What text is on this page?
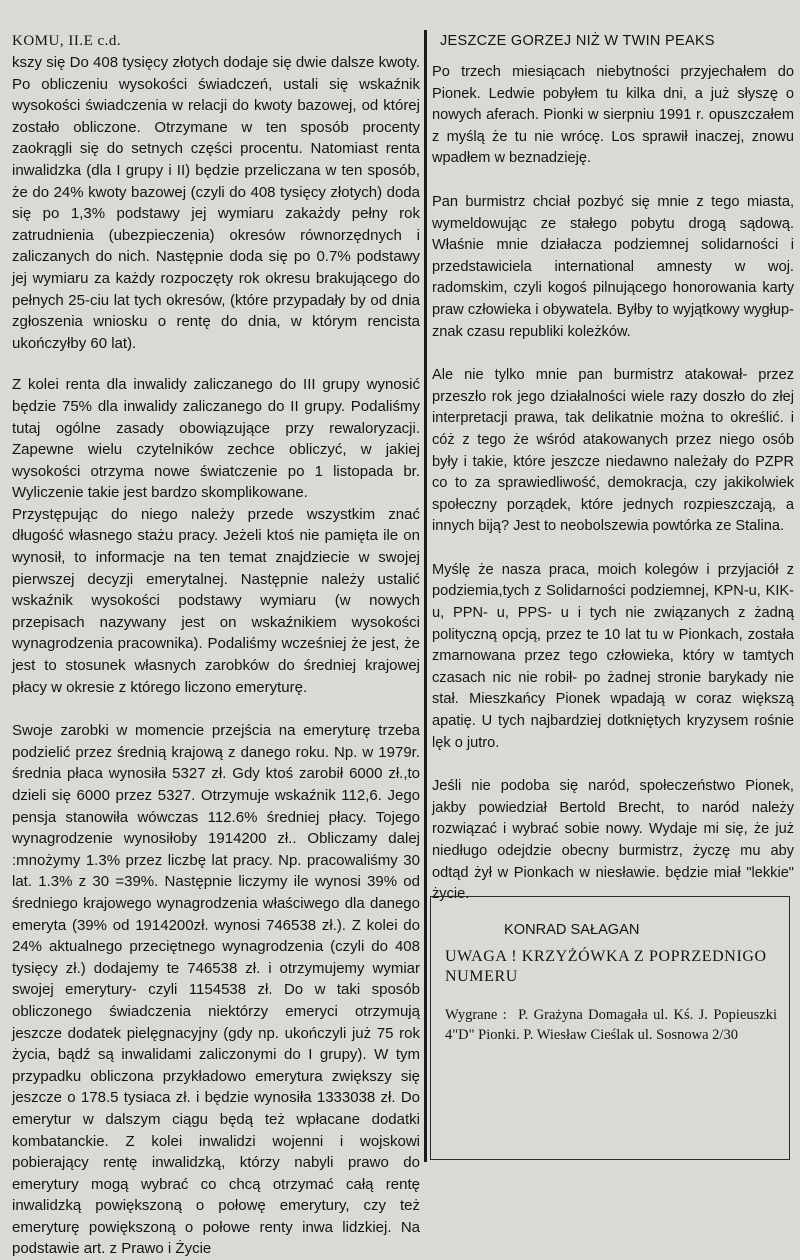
KOMU, II.E c.d.

kszy się Do 408 tysięcy złotych dodaje się dwie dalsze kwoty. Po obliczeniu wysokości świadczeń, ustali się wskaźnik wysokości świadczenia w relacji do kwoty bazowej, od której zostało obliczone. Otrzymane w ten sposób procenty zaokrągli się do setnych części procentu. Natomiast renta inwalidzka (dla I grupy i II) będzie przeliczana w ten sposób, że do 24% kwoty bazowej (czyli do 408 tysięcy złotych) doda się po 1,3% podstawy jej wymiaru zakażdy pełny rok zatrudnienia (ubezpieczenia) okresów równorzędnych i zaliczanych do nich. Następnie doda się po 0.7% podstawy jej wymiaru za każdy rozpoczęty rok okresu brakującego do pełnych 25-ciu lat tych okresów, (które przypadały by od dnia zgłoszenia wniosku o rentę do dnia, w którym rencista ukończyłby 60 lat).

Z kolei renta dla inwalidy zaliczanego do III grupy wynosić będzie 75% dla inwalidy zaliczanego do II grupy. Podaliśmy tutaj ogólne zasady obowiązujące przy rewaloryzacji. Zapewne wielu czytelników zechce obliczyć, w jakiej wysokości otrzyma nowe światczenie po 1 listopada br. Wyliczenie takie jest bardzo skomplikowane.

Przystępując do niego należy przede wszystkim znać długość własnego stażu pracy. Jeżeli ktoś nie pamięta ile on wynosił, to informacje na ten temat znajdziecie w swojej pierwszej decyzji emerytalnej. Następnie należy ustalić wskaźnik wysokości podstawy wymiaru (w nowych przepisach nazywany jest on wskaźnikiem wysokości wynagrodzenia pracownika). Podaliśmy wcześniej że jest, że jest to stosunek własnych zarobków do średniej krajowej płacy w okresie z którego liczono emeryturę.

Swoje zarobki w momencie przejścia na emeryturę trzeba podzielić przez średnią krajową z danego roku. Np. w 1979r. średnia płaca wynosiła 5327 zł. Gdy ktoś zarobił 6000 zł.,to dzieli się 6000 przez 5327. Otrzymuje wskaźnik 112,6. Jego pensja stanowiła wówczas 112.6% średniej płacy. Tojego wynagrodzenie wynosiłoby 1914200 zł.. Obliczamy dalej :mnożymy 1.3% przez liczbę lat pracy. Np. pracowaliśmy 30 lat. 1.3% z 30 =39%. Następnie liczymy ile wynosi 39% od średniego krajowego wynagrodzenia właściwego dla danego emeryta (39% od 1914200zł. wynosi 746538 zł.). Z kolei do 24% aktualnego przeciętnego wynagrodzenia (czyli do 408 tysięcy zł.) dodajemy te 746538 zł. i otrzymujemy wymiar swojej emerytury- czyli 1154538 zł. Do w taki sposób obliczonego świadczenia niektórzy emeryci otrzymują jeszcze dodatek pielęgnacyjny (gdy np. ukończyli już 75 rok życia, bądź są inwalidami zaliczonymi do I grupy). W tym przypadku obliczona przykładowo emerytura zwiększy się jeszcze o 178.5 tysiaca zł. i będzie wynosiła 1333038 zł. Do emerytur w dalszym ciągu będą też wpłacane dodatki kombatanckie. Z kolei inwalidzi wojenni i wojskowi pobierający rentę inwalidzką, którzy nabyli prawo do emerytury mogą wybrać co chcą otrzymać całą rentę inwalidzką powiększoną o połowę emerytury, czy też emeryturę powiększoną o połowe renty inwa lidzkiej. Na podstawie art. z Prawo i Życie

JESZCZE GORZEJ NIŻ W TWIN PEAKS

Po trzech miesiącach niebytności przyjechałem do Pionek. Ledwie pobyłem tu kilka dni, a już słyszę o nowych aferach. Pionki w sierpniu 1991 r. opuszczałem z myślą że tu nie wrócę. Los sprawił inaczej, znowu wpadłem w beznadzieję.

Pan burmistrz chciał pozbyć się mnie z tego miasta, wymeldowując ze stałego pobytu drogą sądową. Właśnie mnie działacza podziemnej solidarności i przedstawiciela international amnesty w woj. radomskim, czyli kogoś pilnującego honorowania karty praw człowieka i obywatela. Byłby to wyjątkowy wygłup- znak czasu republiki koleżków.

Ale nie tylko mnie pan burmistrz atakował- przez przeszło rok jego działalności wiele razy doszło do złej interpretacji prawa, tak delikatnie można to określić. i cóż z tego że wśród atakowanych przez niego osób były i takie, które jeszcze niedawno należały do PZPR co to za sprawiedliwość, demokracja, czy jakikolwiek społeczny porządek, które jednych rozpieszczają, a innych biją? Jest to neobolszewia powtórka ze Stalina.

Myślę że nasza praca, moich kolegów i przyjaciół z podziemia,tych z Solidarności podziemnej, KPN-u, KIK- u, PPN- u, PPS- u i tych nie związanych z żadną polityczną opcją, przez te 10 lat tu w Pionkach, została zmarnowana przez tego człowieka, który w tamtych czasach nic nie robił- po żadnej stronie barykady nie stał. Mieszkańcy Pionek wpadają w coraz większą apatię. U tych najbardziej dotkniętych kryzysem rośnie lęk o jutro.

Jeśli nie podoba się naród, społeczeństwo Pionek, jakby powiedział Bertold Brecht, to naród należy rozwiązać i wybrać sobie nowy. Wydaje mi się, że już niedługo odejdzie obecny burmistrz, życzę mu aby odtąd żył w Pionkach w niesławie. będzie miał "lekkie" życie.

KONRAD SAŁAGAN
UWAGA ! KRZYŻÓWKA Z POPRZEDNIGO NUMERU
Wygrane : P. Grażyna Domagała ul. Kś. J. Popieuszki 4"D" Pionki. P. Wiesław Cieślak ul. Sosnowa 2/30
